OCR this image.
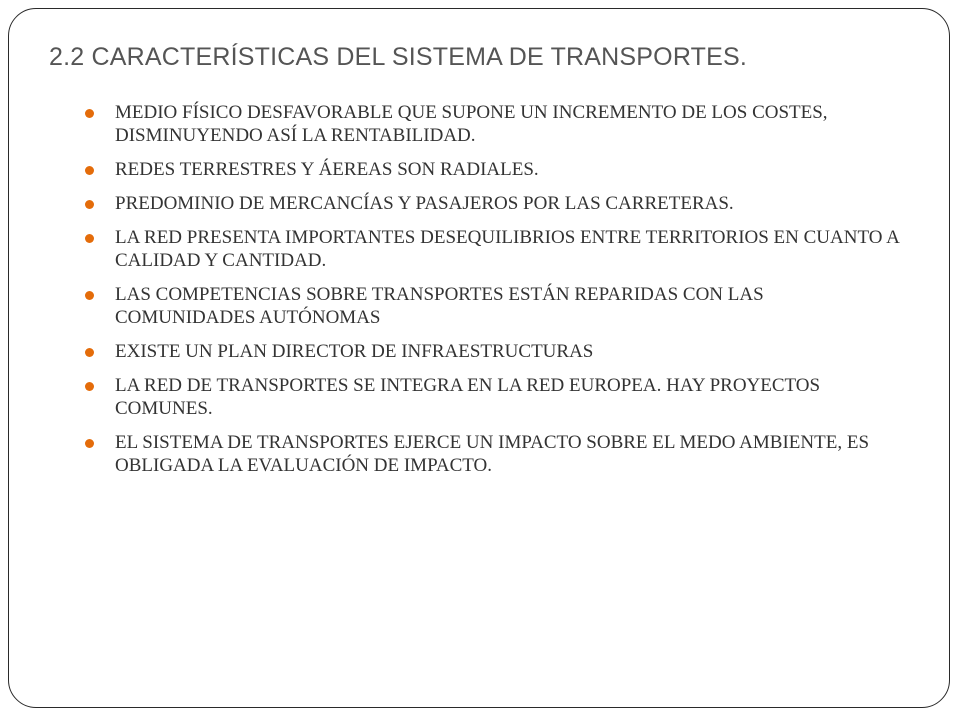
2.2 CARACTERÍSTICAS DEL SISTEMA DE TRANSPORTES.
MEDIO FÍSICO DESFAVORABLE QUE SUPONE UN INCREMENTO DE LOS COSTES, DISMINUYENDO ASÍ LA RENTABILIDAD.
REDES TERRESTRES Y ÁEREAS SON RADIALES.
PREDOMINIO DE MERCANCÍAS Y PASAJEROS POR LAS CARRETERAS.
LA RED PRESENTA IMPORTANTES DESEQUILIBRIOS ENTRE TERRITORIOS EN CUANTO A CALIDAD Y CANTIDAD.
LAS COMPETENCIAS SOBRE TRANSPORTES ESTÁN REPARIDAS CON LAS COMUNIDADES AUTÓNOMAS
EXISTE UN PLAN DIRECTOR DE INFRAESTRUCTURAS
LA RED DE TRANSPORTES SE INTEGRA EN LA RED EUROPEA. HAY PROYECTOS COMUNES.
EL SISTEMA DE TRANSPORTES EJERCE UN IMPACTO SOBRE EL MEDO AMBIENTE, ES OBLIGADA LA EVALUACIÓN DE IMPACTO.
